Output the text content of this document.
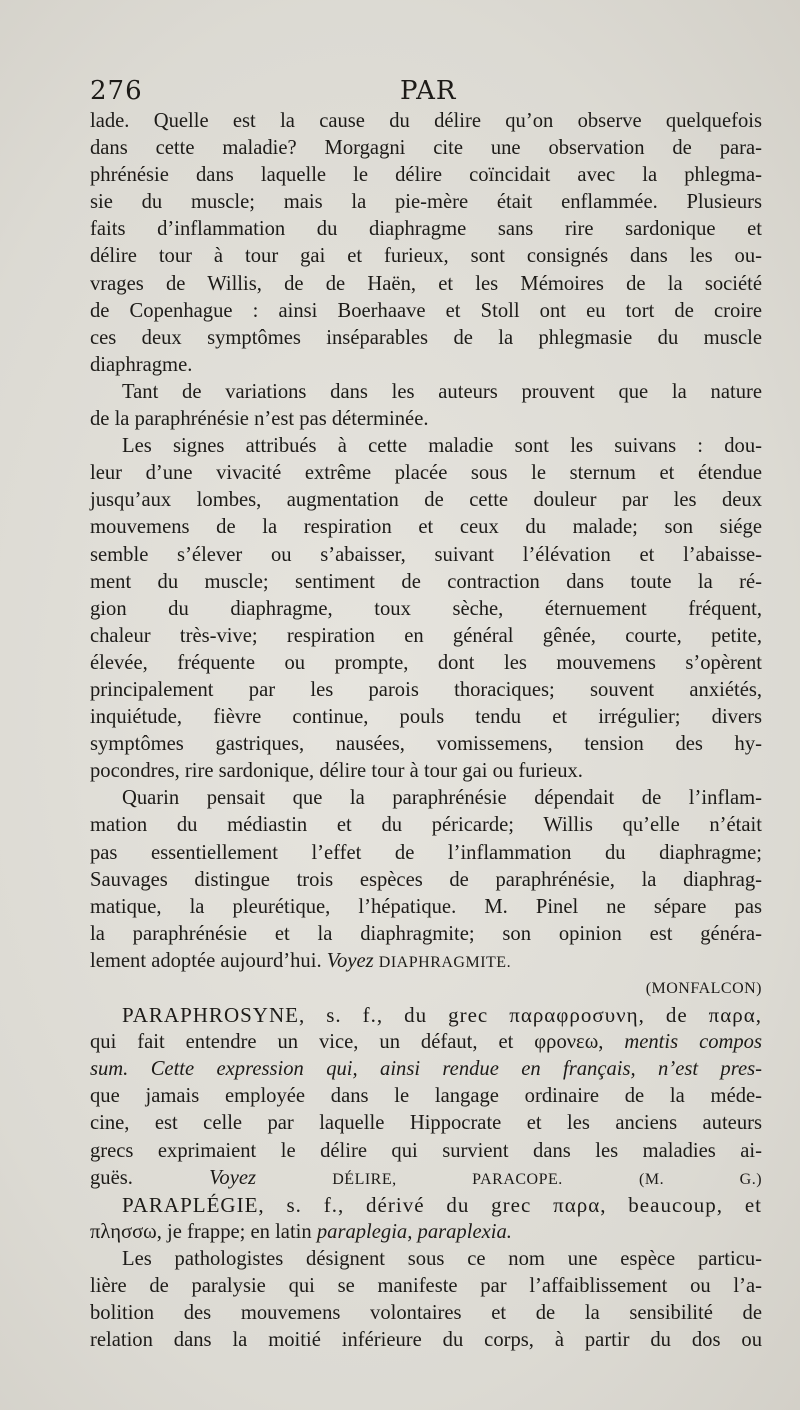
276	PAR
lade. Quelle est la cause du délire qu’on observe quelquefois
dans cette maladie? Morgagni cite une observation de para-
phrénésie dans laquelle le délire coïncidait avec la phlegma-
sie du muscle; mais la pie-mère était enflammée. Plusieurs
faits d’inflammation du diaphragme sans rire sardonique et
délire tour à tour gai et furieux, sont consignés dans les ou-
vrages de Willis, de de Haën, et les Mémoires de la société
de Copenhague : ainsi Boerhaave et Stoll ont eu tort de croire
ces deux symptômes inséparables de la phlegmasie du muscle
diaphragme.
Tant de variations dans les auteurs prouvent que la nature
de la paraphrénésie n’est pas déterminée.
Les signes attribués à cette maladie sont les suivans : dou-
leur d’une vivacité extrême placée sous le sternum et étendue
jusqu’aux lombes, augmentation de cette douleur par les deux
mouvemens de la respiration et ceux du malade; son siége
semble s’élever ou s’abaisser, suivant l’élévation et l’abaisse-
ment du muscle; sentiment de contraction dans toute la ré-
gion du diaphragme, toux sèche, éternuement fréquent,
chaleur très-vive; respiration en général gênée, courte, petite,
élevée, fréquente ou prompte, dont les mouvemens s’opèrent
principalement par les parois thoraciques; souvent anxiétés,
inquiétude, fièvre continue, pouls tendu et irrégulier; divers
symptômes gastriques, nausées, vomissemens, tension des hy-
pocondres, rire sardonique, délire tour à tour gai ou furieux.
Quarin pensait que la paraphrénésie dépendait de l’inflam-
mation du médiastin et du péricarde; Willis qu’elle n’était
pas essentiellement l’effet de l’inflammation du diaphragme;
Sauvages distingue trois espèces de paraphrénésie, la diaphrag-
matique, la pleurétique, l’hépatique. M. Pinel ne sépare pas
la paraphrénésie et la diaphragmite; son opinion est généra-
lement adoptée aujourd’hui. Voyez DIAPHRAGMITE.
(MONFALCON)
PARAPHROSYNE, s. f., du grec παραφροσυνη, de παρα,
qui fait entendre un vice, un défaut, et φρονεω, mentis compos
sum. Cette expression qui, ainsi rendue en français, n’est pres-
que jamais employée dans le langage ordinaire de la méde-
cine, est celle par laquelle Hippocrate et les anciens auteurs
grecs exprimaient le délire qui survient dans les maladies ai-
guës. Voyez	DÉLIRE, PARACOPE.	(M. G.)
PARAPLÉGIE, s. f., dérivé du grec παρα, beaucoup, et
πλησσω, je frappe; en latin paraplegia, paraplexia.
Les pathologistes désignent sous ce nom une espèce particu-
lière de paralysie qui se manifeste par l’affaiblissement ou l’a-
bolition des mouvemens volontaires et de la sensibilité de
relation dans la moitié inférieure du corps, à partir du dos ou
